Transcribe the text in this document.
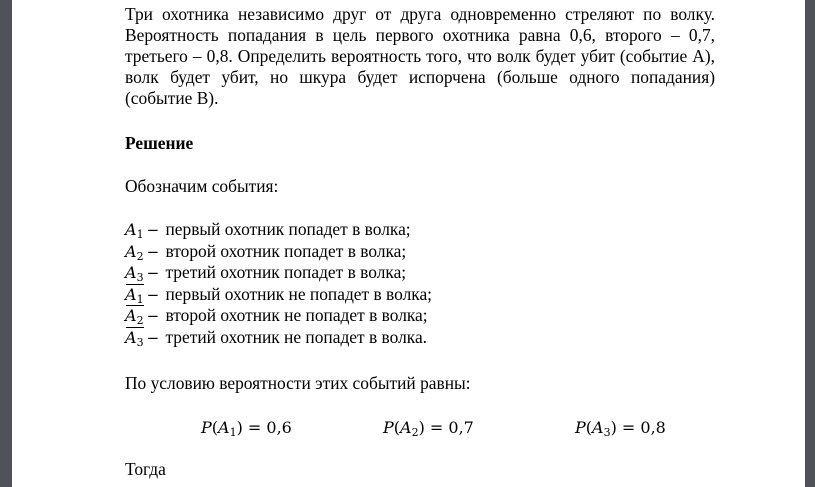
Три охотника независимо друг от друга одновременно стреляют по волку.
Вероятность попадания в цель первого охотника равна 0,6, второго – 0,7,
третьего – 0,8. Определить вероятность того, что волк будет убит (событие А),
волк будет убит, но шкура будет испорчена (больше одного попадания)
(событие В).
Решение
Обозначим события:
$A_1$ − первый охотник попадет в волка;
$A_2$ − второй охотник попадет в волка;
$A_3$ − третий охотник попадет в волка;
$A_1$ − первый охотник не попадет в волка;
$A_2$ − второй охотник не попадет в волка;
$A_3$ − третий охотник не попадет в волка.
По условию вероятности этих событий равны:
$P(A_1) = 0,6$	$P(A_2) = 0,7$	$P(A_3) = 0,8$
Тогда
